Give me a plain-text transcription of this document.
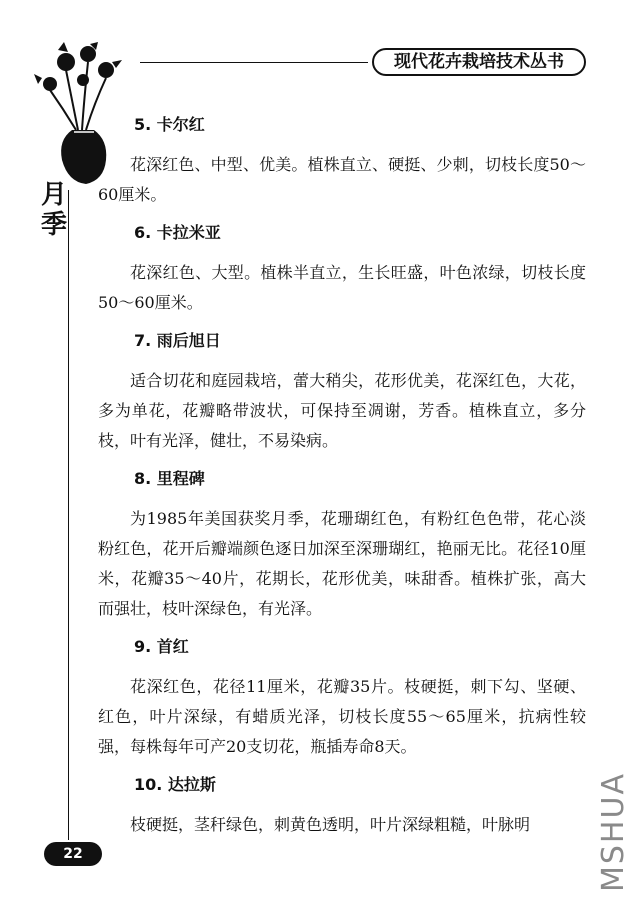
现代花卉栽培技术丛书
月季
5. 卡尔红

花深红色、中型、优美。植株直立、硬挺、少刺，切枝长度50～60厘米。

6. 卡拉米亚

花深红色、大型。植株半直立，生长旺盛，叶色浓绿，切枝长度50～60厘米。

7. 雨后旭日

适合切花和庭园栽培，蕾大稍尖，花形优美，花深红色，大花，多为单花，花瓣略带波状，可保持至凋谢，芳香。植株直立，多分枝，叶有光泽，健壮，不易染病。

8. 里程碑

为1985年美国获奖月季，花珊瑚红色，有粉红色色带，花心淡粉红色，花开后瓣端颜色逐日加深至深珊瑚红，艳丽无比。花径10厘米，花瓣35～40片，花期长，花形优美，味甜香。植株扩张，高大而强壮，枝叶深绿色，有光泽。

9. 首红

花深红色，花径11厘米，花瓣35片。枝硬挺，刺下勾、坚硬、红色，叶片深绿，有蜡质光泽，切枝长度55～65厘米，抗病性较强，每株每年可产20支切花，瓶插寿命8天。

10. 达拉斯

枝硬挺，茎秆绿色，刺黄色透明，叶片深绿粗糙，叶脉明

22	MSHUA
